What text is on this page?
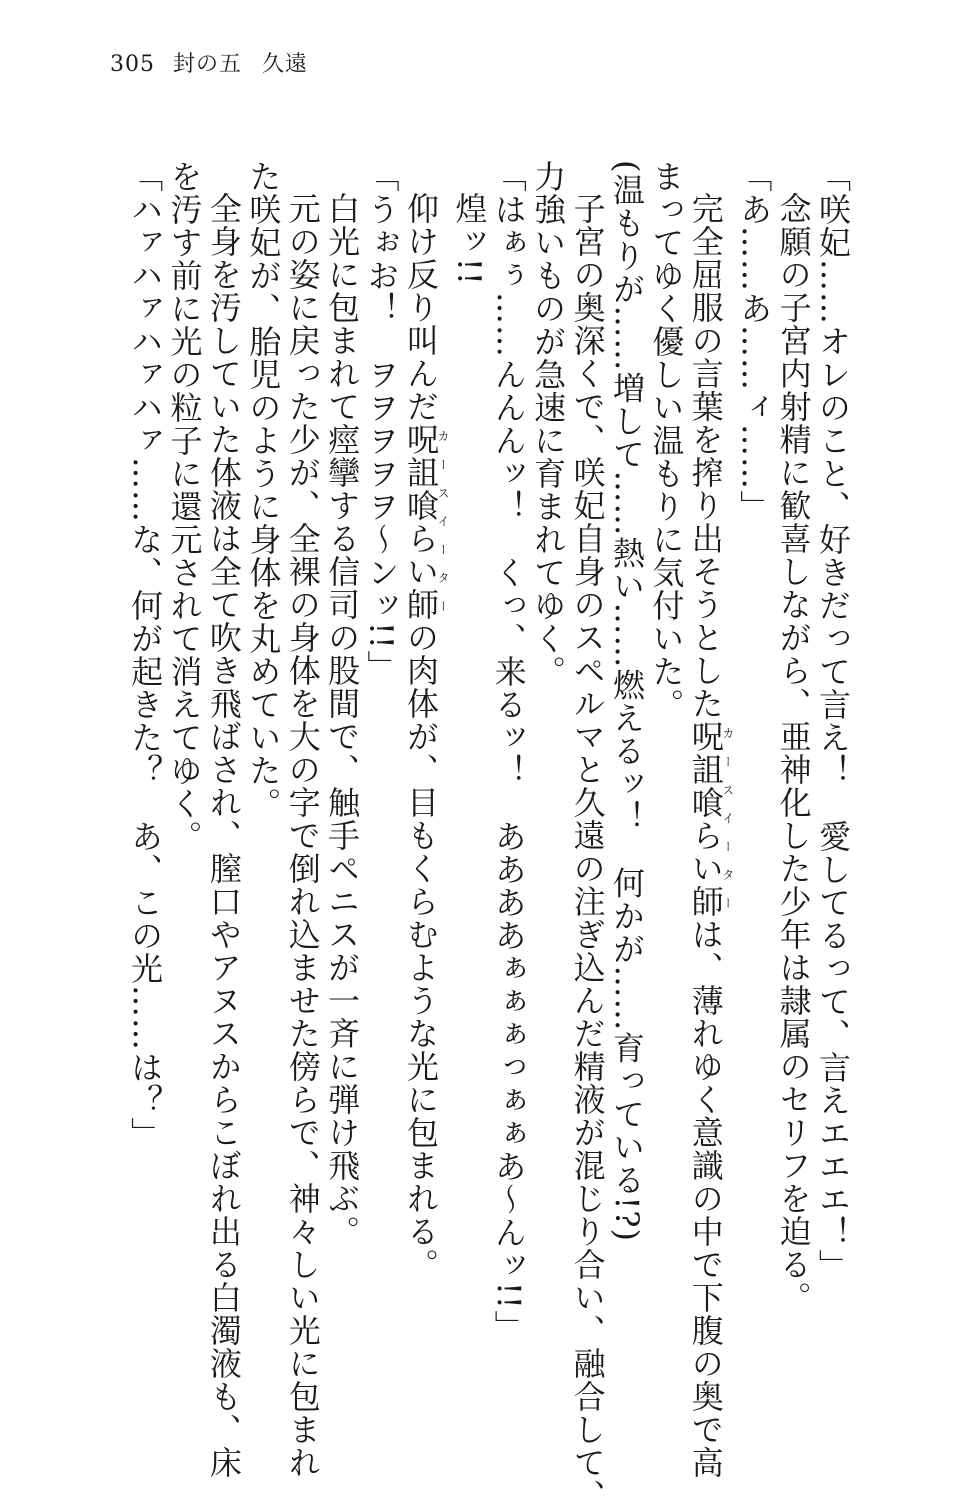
305 封の五 久遠

「咲妃……オレのこと、好きだって言え！　愛してるって、言えエエエ！」

念願の子宮内射精に歓喜しながら、亜神化した少年は隷属のセリフを迫る。

「あ……あ……ィ……」

完全屈服の言葉を搾り出そうとした呪詛喰らい師カースイーターは、薄れゆく意識の中で下腹の奥で高

まってゆく優しい温もりに気付いた。

(温もりが……増して……熱い……燃えるッ！　何かが……育っている!?)

子宮の奥深くで、咲妃自身のスペルマと久遠の注ぎ込んだ精液が混じり合い、融合して、

力強いものが急速に育まれてゆく。

「はぁぅ……んんんッ！　くっ、来るッ！　ああああぁぁぁっぁぁあ〜んッ!!」

煌ッ!!

仰け反り叫んだ呪詛喰らい師カースイーターの肉体が、目もくらむような光に包まれる。

「うぉお！　ヲヲヲヲヲ〜ンッ!!」

白光に包まれて痙攣する信司の股間で、触手ペニスが一斉に弾け飛ぶ。

元の姿に戻った少が、全裸の身体を大の字で倒れ込ませた傍らで、神々しい光に包まれ

た咲妃が、胎児のように身体を丸めていた。

全身を汚していた体液は全て吹き飛ばされ、膣口やアヌスからこぼれ出る白濁液も、床

を汚す前に光の粒子に還元されて消えてゆく。

「ハァハァハァハァ……な、何が起きた？　あ、この光……は？」
